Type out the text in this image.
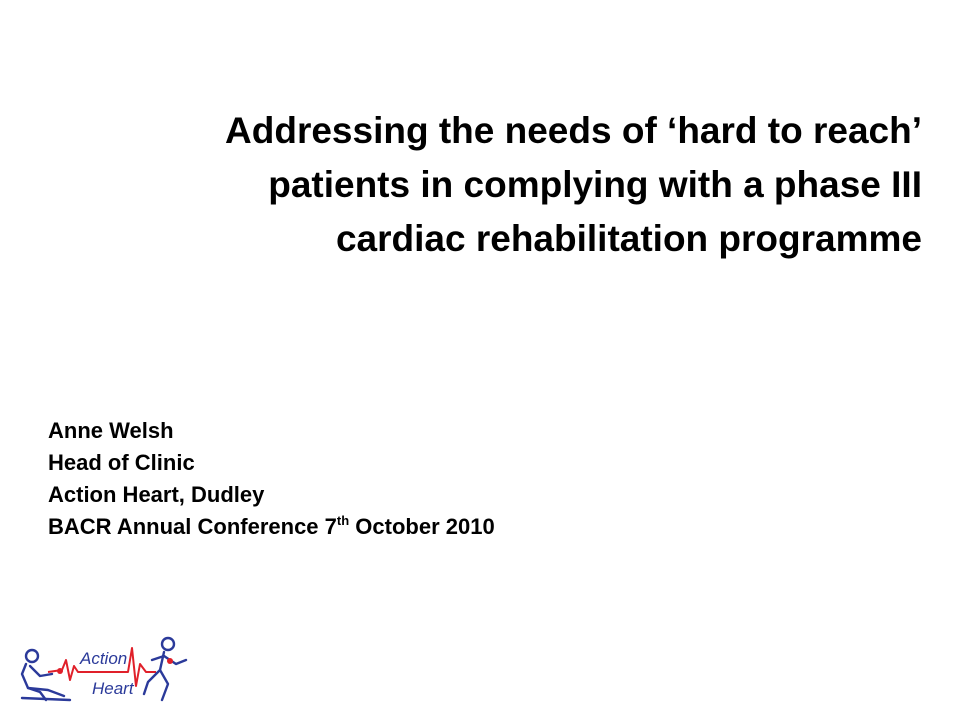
Addressing the needs of ‘hard to reach’
patients in complying with a phase III
cardiac rehabilitation programme
Anne Welsh
Head of Clinic
Action Heart, Dudley
BACR Annual Conference 7th October 2010
Action
Heart
